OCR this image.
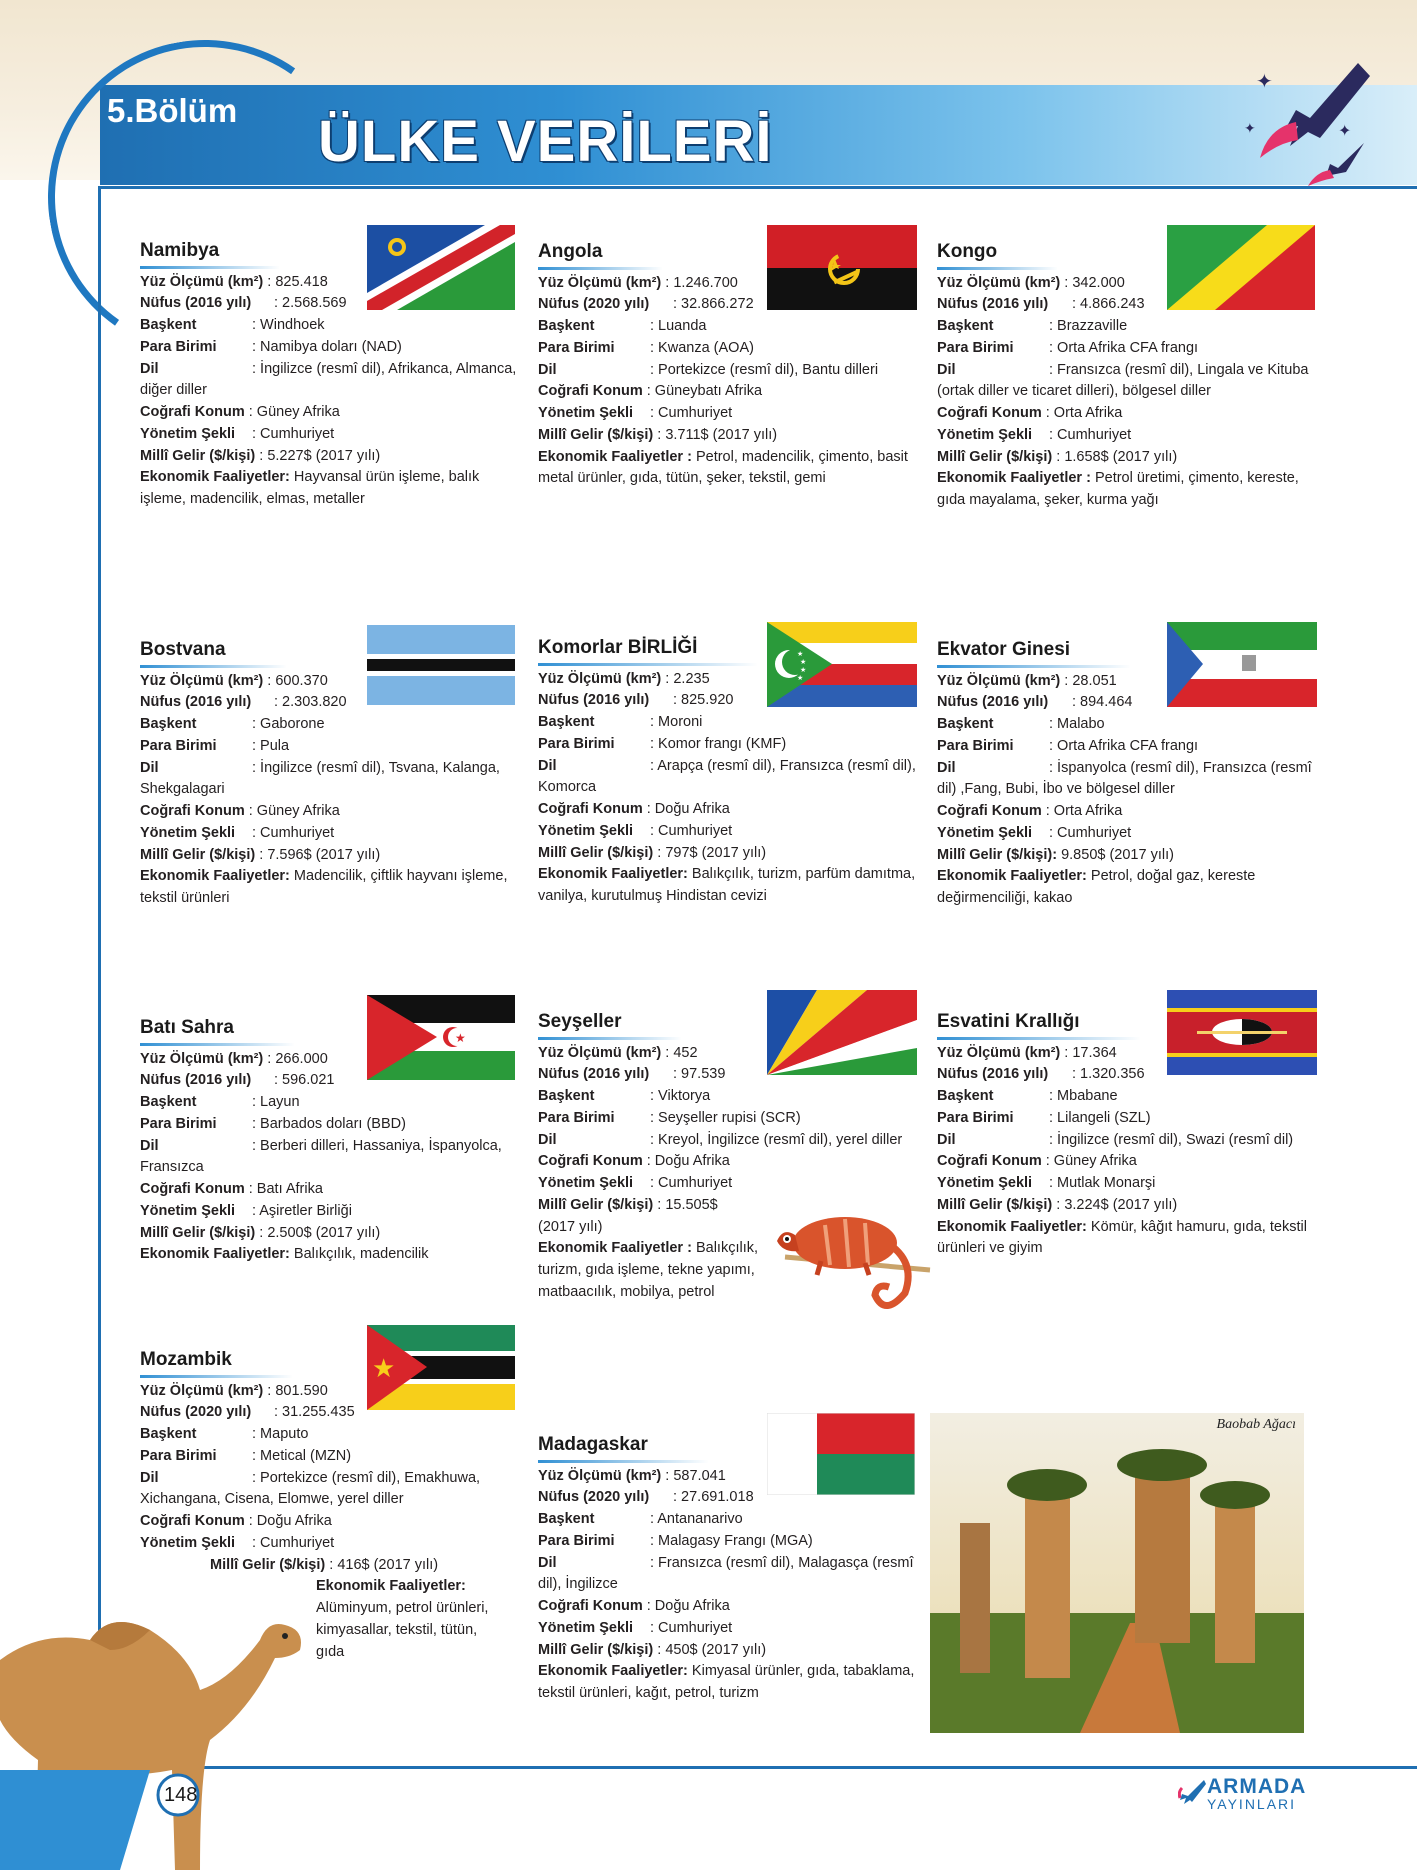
5.Bölüm ÜLKE VERİLERİ
✦
✦
✦
★
★
★
★
★
★
Namibya
Yüz Ölçümü (km²) : 825.418
Nüfus (2016 yılı) : 2.568.569
Başkent	: Windhoek
Para Birimi : Namibya doları (NAD)
Dil	: İngilizce (resmî dil), Afrikanca, Almanca, diğer diller
Coğrafi Konum : Güney Afrika
Yönetim Şekli : Cumhuriyet
Millî Gelir ($/kişi) : 5.227$ (2017 yılı)
Ekonomik Faaliyetler: Hayvansal ürün işleme, balık işleme, madencilik, elmas, metaller
Angola
Yüz Ölçümü (km²) : 1.246.700
Nüfus (2020 yılı) : 32.866.272
Başkent	: Luanda
Para Birimi : Kwanza (AOA)
Dil	: Portekizce (resmî dil), Bantu dilleri
Coğrafi Konum : Güneybatı Afrika
Yönetim Şekli : Cumhuriyet
Millî Gelir ($/kişi) : 3.711$ (2017 yılı)
Ekonomik Faaliyetler : Petrol, madencilik, çimento, basit metal ürünler, gıda, tütün, şeker, tekstil, gemi
Kongo
Yüz Ölçümü (km²) : 342.000
Nüfus (2016 yılı) : 4.866.243
Başkent	: Brazzaville
Para Birimi : Orta Afrika CFA frangı
Dil	: Fransızca (resmî dil), Lingala ve Kituba (ortak diller ve ticaret dilleri), bölgesel diller
Coğrafi Konum : Orta Afrika
Yönetim Şekli : Cumhuriyet
Millî Gelir ($/kişi) : 1.658$ (2017 yılı)
Ekonomik Faaliyetler : Petrol üretimi, çimento, kereste, gıda mayalama, şeker, kurma yağı
Bostvana
Yüz Ölçümü (km²) : 600.370
Nüfus (2016 yılı) : 2.303.820
Başkent	: Gaborone
Para Birimi : Pula
Dil	: İngilizce (resmî dil), Tsvana, Kalanga, Shekgalagari
Coğrafi Konum : Güney Afrika
Yönetim Şekli : Cumhuriyet
Millî Gelir ($/kişi) : 7.596$ (2017 yılı)
Ekonomik Faaliyetler: Madencilik, çiftlik hayvanı işleme, tekstil ürünleri
Komorlar BİRLİĞİ
Yüz Ölçümü (km²) : 2.235
Nüfus (2016 yılı) : 825.920
Başkent	: Moroni
Para Birimi : Komor frangı (KMF)
Dil	: Arapça (resmî dil), Fransızca (resmî dil), Komorca
Coğrafi Konum : Doğu Afrika
Yönetim Şekli : Cumhuriyet
Millî Gelir ($/kişi) : 797$ (2017 yılı)
Ekonomik Faaliyetler: Balıkçılık, turizm, parfüm damıtma, vanilya, kurutulmuş Hindistan cevizi
Ekvator Ginesi
Yüz Ölçümü (km²) : 28.051
Nüfus (2016 yılı) : 894.464
Başkent	: Malabo
Para Birimi : Orta Afrika CFA frangı
Dil	: İspanyolca (resmî dil), Fransızca (resmî dil) ,Fang, Bubi, İbo ve bölgesel diller
Coğrafi Konum : Orta Afrika
Yönetim Şekli : Cumhuriyet
Millî Gelir ($/kişi): 9.850$ (2017 yılı)
Ekonomik Faaliyetler: Petrol, doğal gaz, kereste değirmenciliği, kakao
Batı Sahra
Yüz Ölçümü (km²) : 266.000
Nüfus (2016 yılı) : 596.021
Başkent	: Layun
Para Birimi : Barbados doları (BBD)
Dil	: Berberi dilleri, Hassaniya, İspanyolca, Fransızca
Coğrafi Konum : Batı Afrika
Yönetim Şekli : Aşiretler Birliği
Millî Gelir ($/kişi) : 2.500$ (2017 yılı)
Ekonomik Faaliyetler: Balıkçılık, madencilik
Seyşeller
Yüz Ölçümü (km²) : 452
Nüfus (2016 yılı) : 97.539
Başkent	: Viktorya
Para Birimi : Seyşeller rupisi (SCR)
Dil	: Kreyol, İngilizce (resmî dil), yerel diller
Coğrafi Konum : Doğu Afrika
Yönetim Şekli : Cumhuriyet
Millî Gelir ($/kişi) : 15.505$ (2017 yılı)
Ekonomik Faaliyetler : Balıkçılık, turizm, gıda işleme, tekne yapımı, matbaacılık, mobilya, petrol
Esvatini Krallığı
Yüz Ölçümü (km²) : 17.364
Nüfus (2016 yılı) : 1.320.356
Başkent	: Mbabane
Para Birimi : Lilangeli (SZL)
Dil	: İngilizce (resmî dil), Swazi (resmî dil)
Coğrafi Konum : Güney Afrika
Yönetim Şekli : Mutlak Monarşi
Millî Gelir ($/kişi) : 3.224$ (2017 yılı)
Ekonomik Faaliyetler: Kömür, kâğıt hamuru, gıda, tekstil ürünleri ve giyim
Mozambik
Yüz Ölçümü (km²) : 801.590
Nüfus (2020 yılı) : 31.255.435
Başkent	: Maputo
Para Birimi : Metical (MZN)
Dil	: Portekizce (resmî dil), Emakhuwa, Xichangana, Cisena, Elomwe, yerel diller
Coğrafi Konum : Doğu Afrika
Yönetim Şekli : Cumhuriyet
Millî Gelir ($/kişi) : 416$ (2017 yılı)
Ekonomik Faaliyetler:
Alüminyum, petrol ürünleri, kimyasallar, tekstil, tütün, gıda
Madagaskar
Yüz Ölçümü (km²) : 587.041
Nüfus (2020 yılı) : 27.691.018
Başkent	: Antananarivo
Para Birimi : Malagasy Frangı (MGA)
Dil	: Fransızca (resmî dil), Malagasça (resmî dil), İngilizce
Coğrafi Konum : Doğu Afrika
Yönetim Şekli : Cumhuriyet
Millî Gelir ($/kişi) : 450$ (2017 yılı)
Ekonomik Faaliyetler: Kimyasal ürünler, gıda, tabaklama, tekstil ürünleri, kağıt, petrol, turizm
Baobab Ağacı
148	ARMADA
YAYINLARI
